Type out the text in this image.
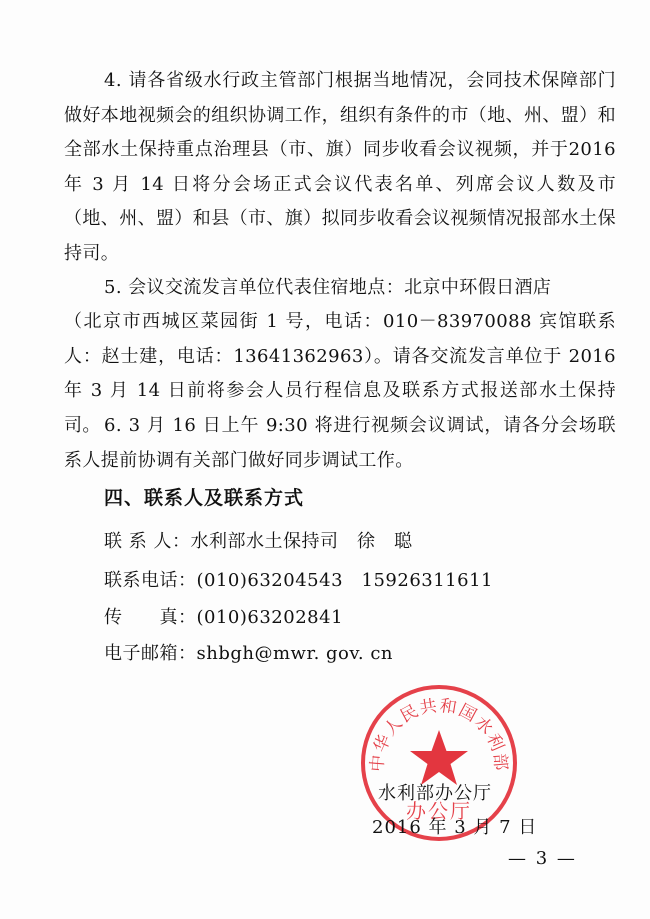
4. 请各省级水行政主管部门根据当地情况，会同技术保障部门做好本地视频会的组织协调工作，组织有条件的市（地、州、盟）和全部水土保持重点治理县（市、旗）同步收看会议视频，并于2016 年 3 月 14 日将分会场正式会议代表名单、列席会议人数及市（地、州、盟）和县（市、旗）拟同步收看会议视频情况报部水土保持司。

5. 会议交流发言单位代表住宿地点：北京中环假日酒店

（北京市西城区菜园街 1 号，电话：010－83970088 宾馆联系人：赵士建，电话：13641362963）。请各交流发言单位于 2016 年 3 月 14 日前将参会人员行程信息及联系方式报送部水土保持司。 6. 3 月 16 日上午 9:30 将进行视频会议调试，请各分会场联系人提前协调有关部门做好同步调试工作。

四、联系人及联系方式
联 系 人：水利部水土保持司　徐　聪
联系电话：(010)63204543　15926311611
传　　真：(010)63202841
电子邮箱：shbgh@mwr. gov. cn
中华人民共和国水利部
办公厅
水利部办公厅
2016 年 3 月 7 日
— 3 —
